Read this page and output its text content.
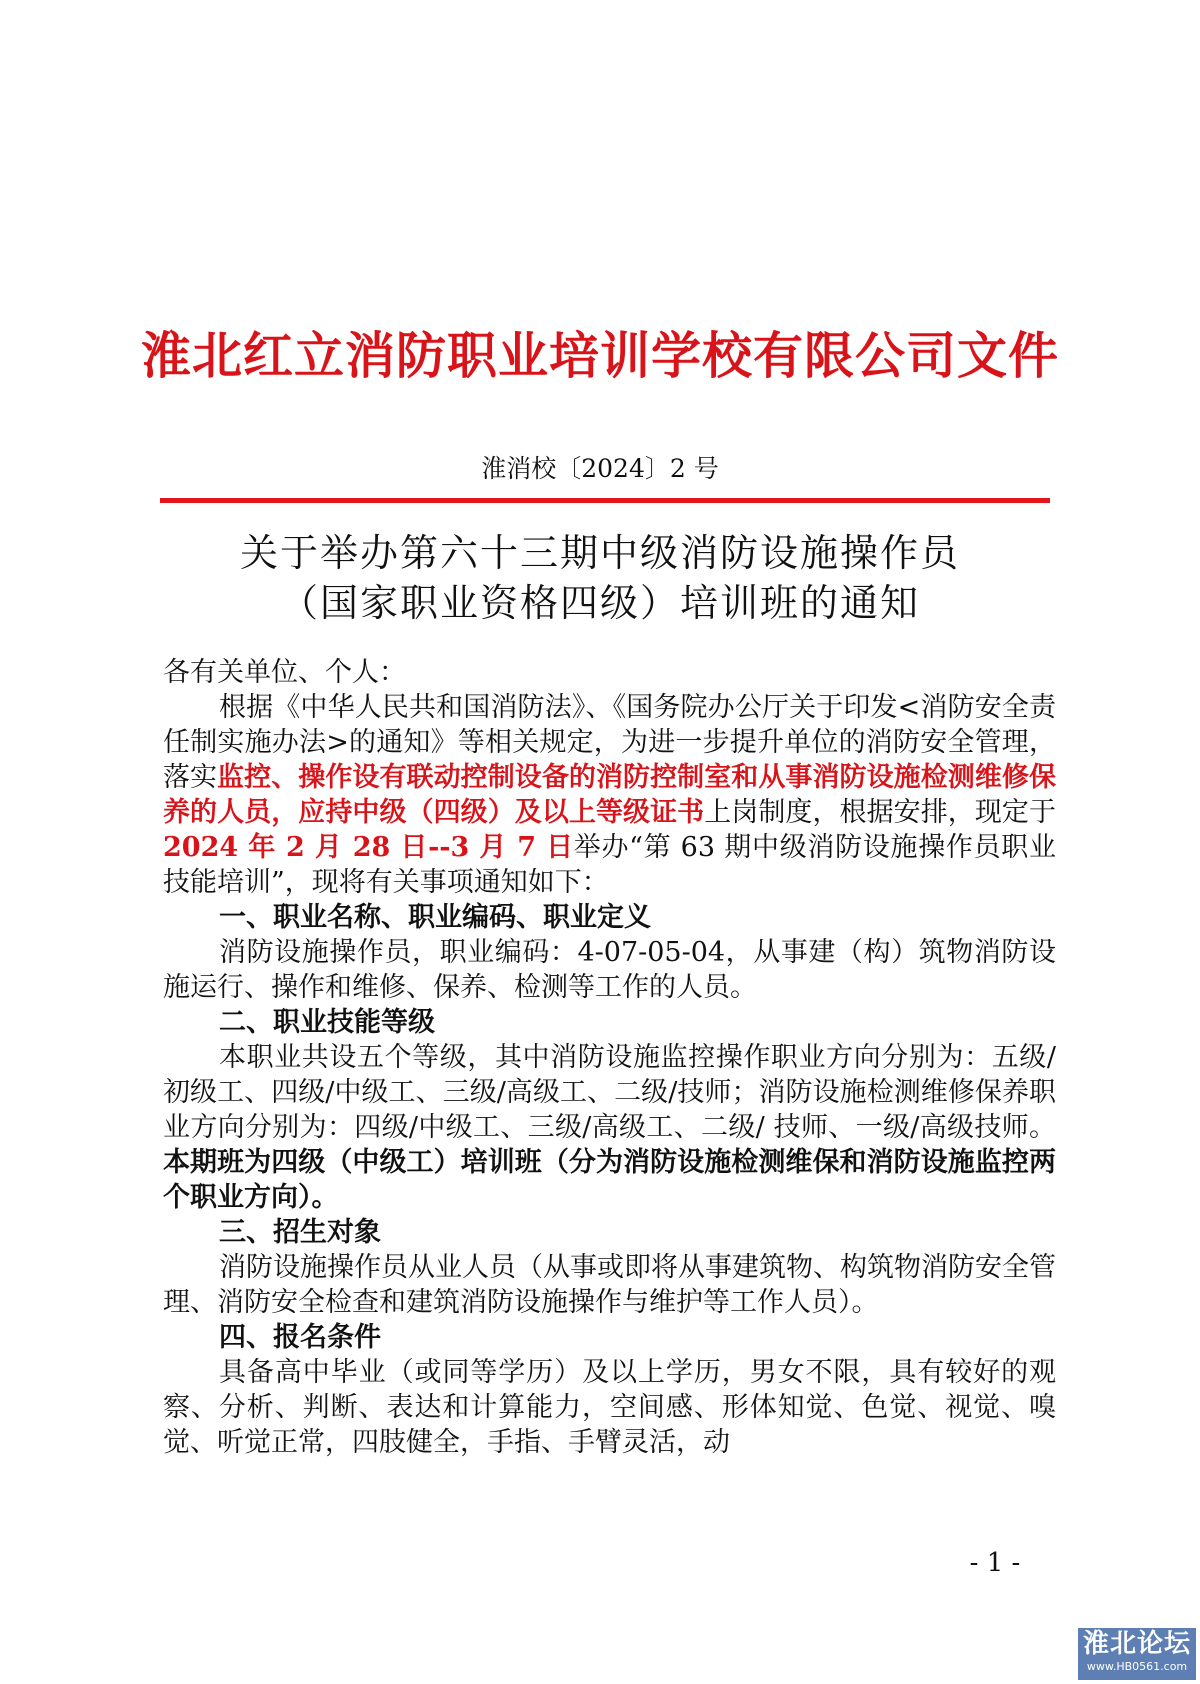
淮北红立消防职业培训学校有限公司文件
淮消校〔2024〕2 号
关于举办第六十三期中级消防设施操作员
（国家职业资格四级）培训班的通知

各有关单位、个人：

根据《中华人民共和国消防法》、《国务院办公厅关于印发<消防安全责任制实施办法>的通知》等相关规定，为进一步提升单位的消防安全管理，落实监控、操作设有联动控制设备的消防控制室和从事消防设施检测维修保养的人员，应持中级（四级）及以上等级证书上岗制度，根据安排，现定于2024 年 2 月 28 日--3 月 7 日举办“第 63 期中级消防设施操作员职业技能培训”，现将有关事项通知如下：

一、职业名称、职业编码、职业定义

消防设施操作员，职业编码：4-07-05-04，从事建（构）筑物消防设施运行、操作和维修、保养、检测等工作的人员。

二、职业技能等级

本职业共设五个等级，其中消防设施监控操作职业方向分别为：五级/初级工、四级/中级工、三级/高级工、二级/技师；消防设施检测维修保养职业方向分别为：四级/中级工、三级/高级工、二级/ 技师、一级/高级技师。本期班为四级（中级工）培训班（分为消防设施检测维保和消防设施监控两个职业方向）。

三、招生对象

消防设施操作员从业人员（从事或即将从事建筑物、构筑物消防安全管理、消防安全检查和建筑消防设施操作与维护等工作人员）。

四、报名条件

具备高中毕业（或同等学历）及以上学历，男女不限，具有较好的观察、分析、判断、表达和计算能力，空间感、形体知觉、色觉、视觉、嗅觉、听觉正常，四肢健全，手指、手臂灵活，动

- 1 -
淮北论坛
www.HB0561.com
